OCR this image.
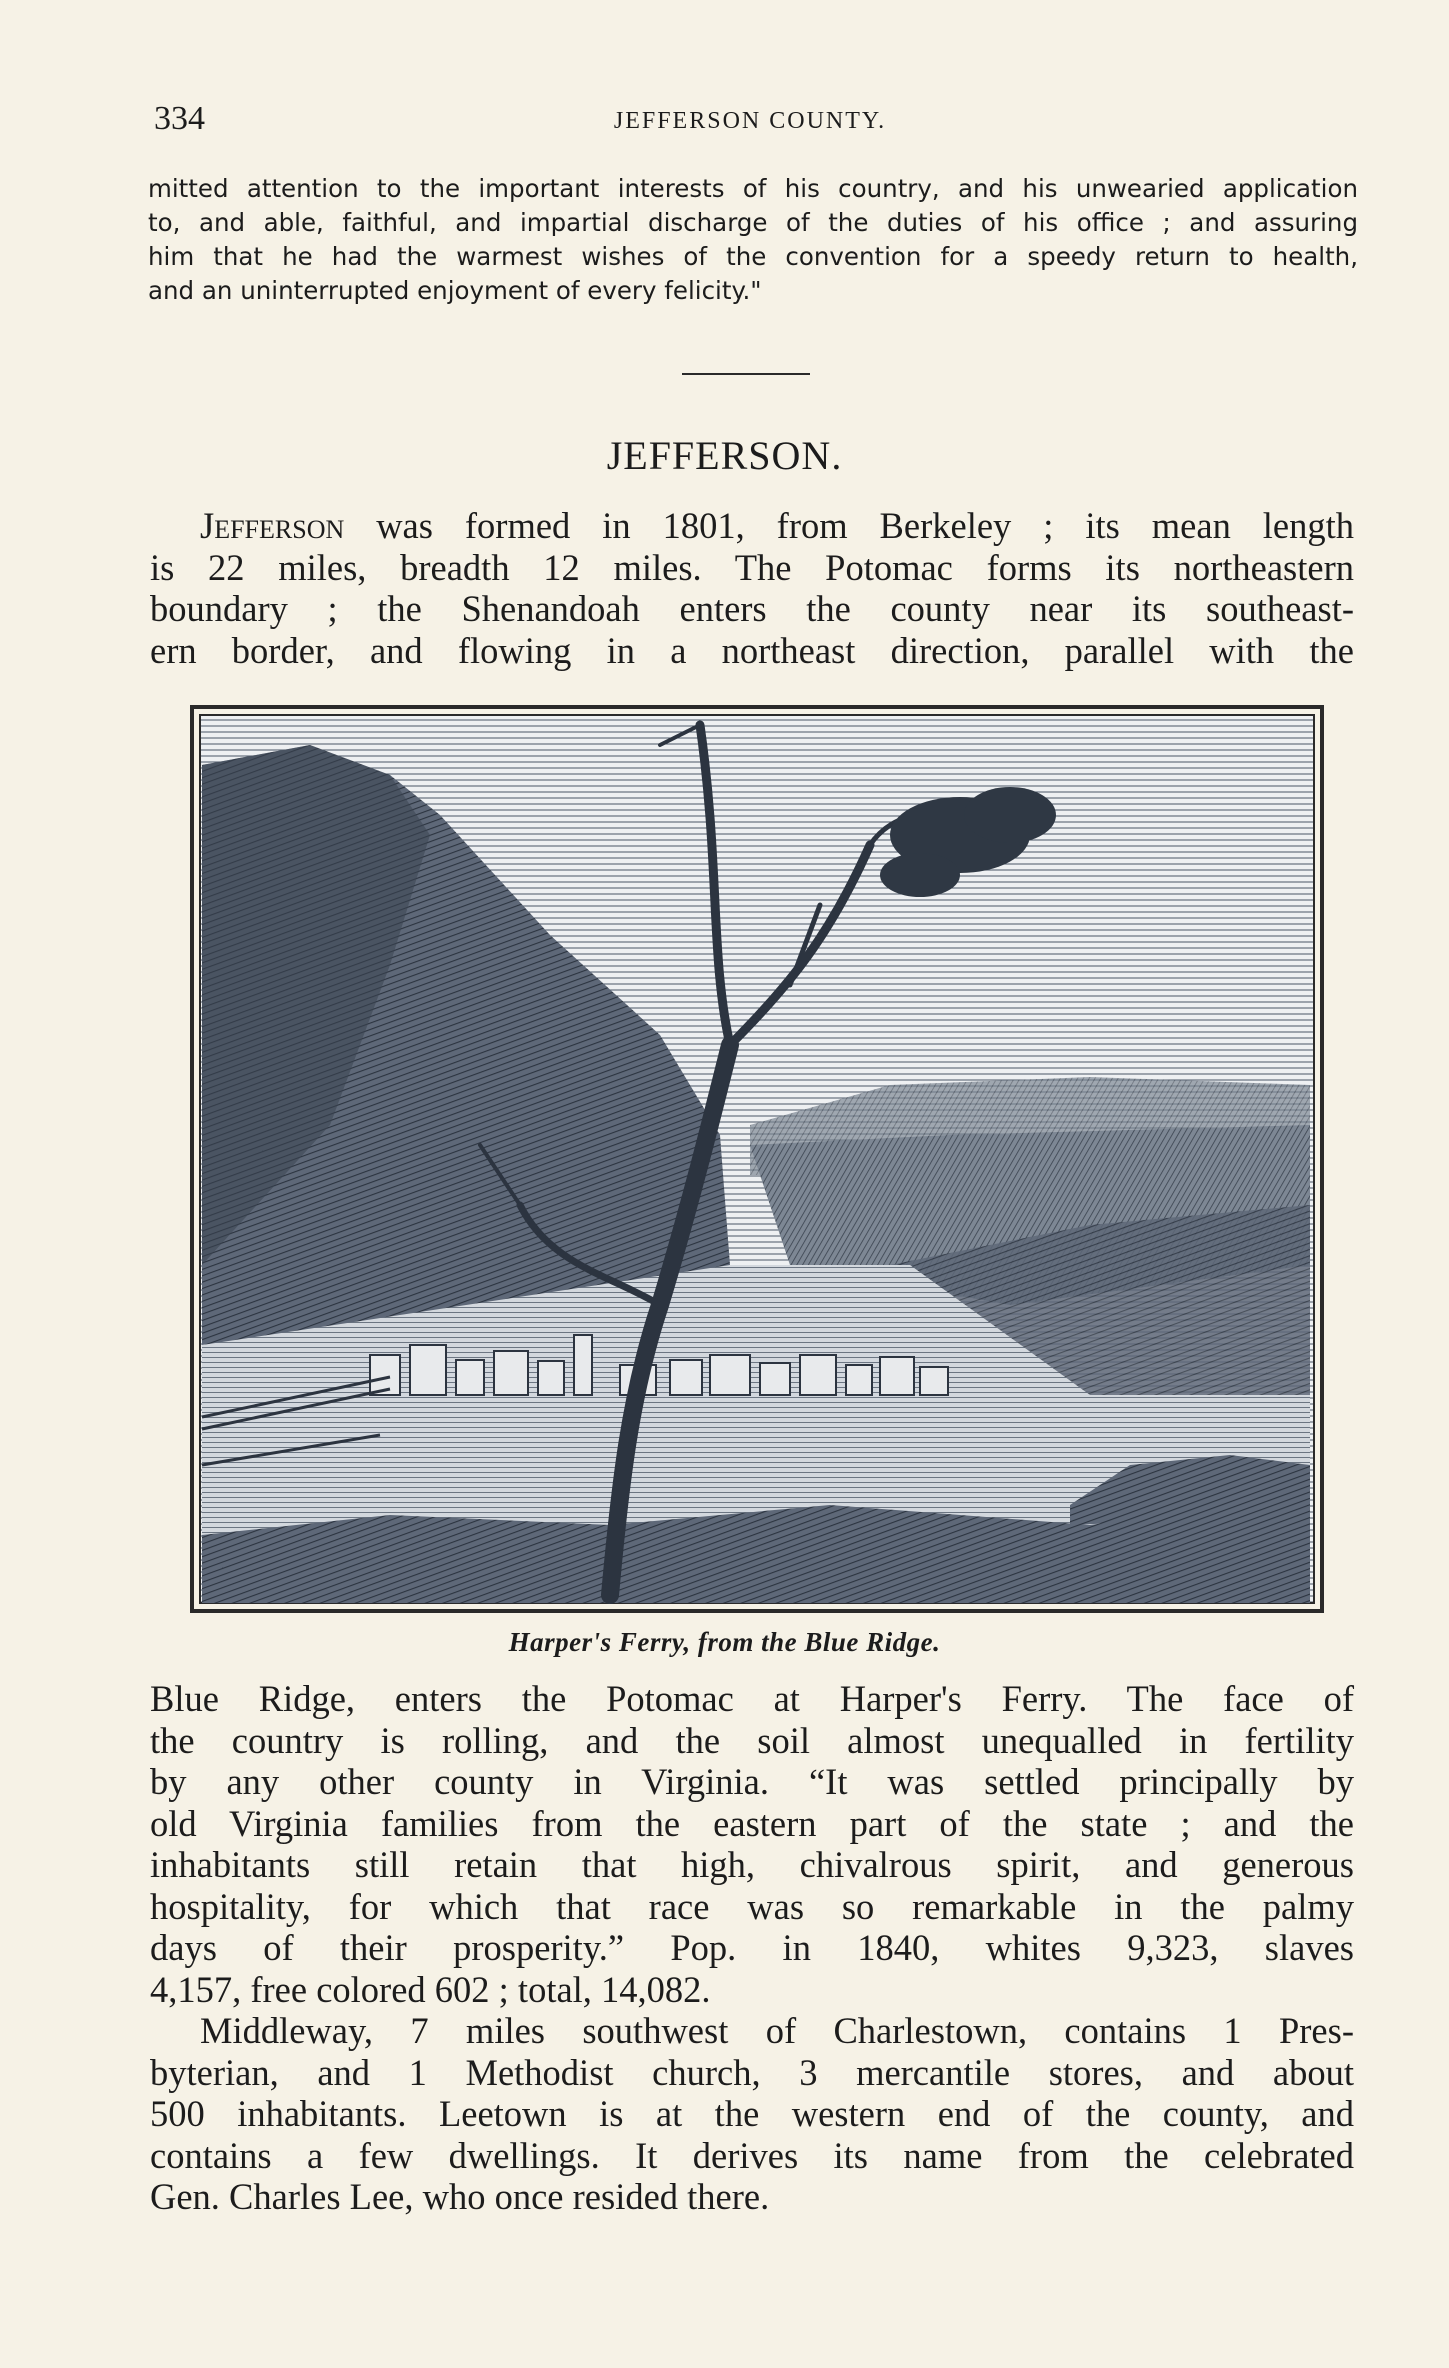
334	JEFFERSON COUNTY.
mitted attention to the important interests of his country, and his unwearied application
to, and able, faithful, and impartial discharge of the duties of his office ; and assuring
him that he had the warmest wishes of the convention for a speedy return to health,
and an uninterrupted enjoyment of every felicity."
JEFFERSON.
Jefferson was formed in 1801, from Berkeley ; its mean length
is 22 miles, breadth 12 miles. The Potomac forms its northeastern
boundary ; the Shenandoah enters the county near its southeast-
ern border, and flowing in a northeast direction, parallel with the
Harper's Ferry, from the Blue Ridge.
Blue Ridge, enters the Potomac at Harper's Ferry. The face of
the country is rolling, and the soil almost unequalled in fertility
by any other county in Virginia. “It was settled principally by
old Virginia families from the eastern part of the state ; and the
inhabitants still retain that high, chivalrous spirit, and generous
hospitality, for which that race was so remarkable in the palmy
days of their prosperity.” Pop. in 1840, whites 9,323, slaves
4,157, free colored 602 ; total, 14,082.
Middleway, 7 miles southwest of Charlestown, contains 1 Pres-
byterian, and 1 Methodist church, 3 mercantile stores, and about
500 inhabitants. Leetown is at the western end of the county, and
contains a few dwellings. It derives its name from the celebrated
Gen. Charles Lee, who once resided there.
